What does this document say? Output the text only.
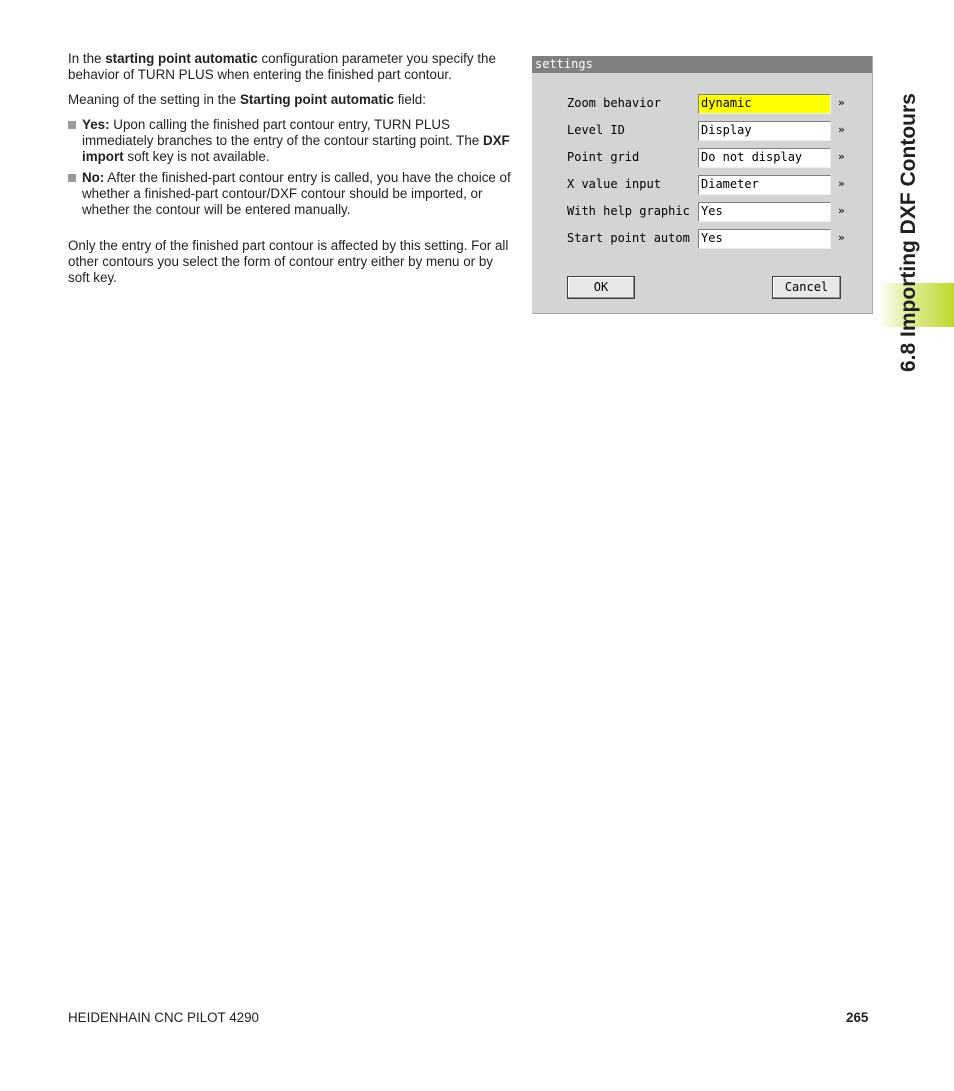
In the starting point automatic configuration parameter you specify the behavior of TURN PLUS when entering the finished part contour.

Meaning of the setting in the Starting point automatic field:

Yes: Upon calling the finished part contour entry, TURN PLUS immediately branches to the entry of the contour starting point. The DXF import soft key is not available.
No: After the finished-part contour entry is called, you have the choice of whether a finished-part contour/DXF contour should be imported, or whether the contour will be entered manually.

Only the entry of the finished part contour is affected by this setting. For all other contours you select the form of contour entry either by menu or by soft key.

settings
Zoom behavior	dynamic	»
Level ID	Display	»
Point grid	Do not display	»
X value input	Diameter	»
With help graphic Yes	»
Start point autom Yes	»
OK	Cancel	6.8 Importing DXF Contours
HEIDENHAIN CNC PILOT 4290	265
